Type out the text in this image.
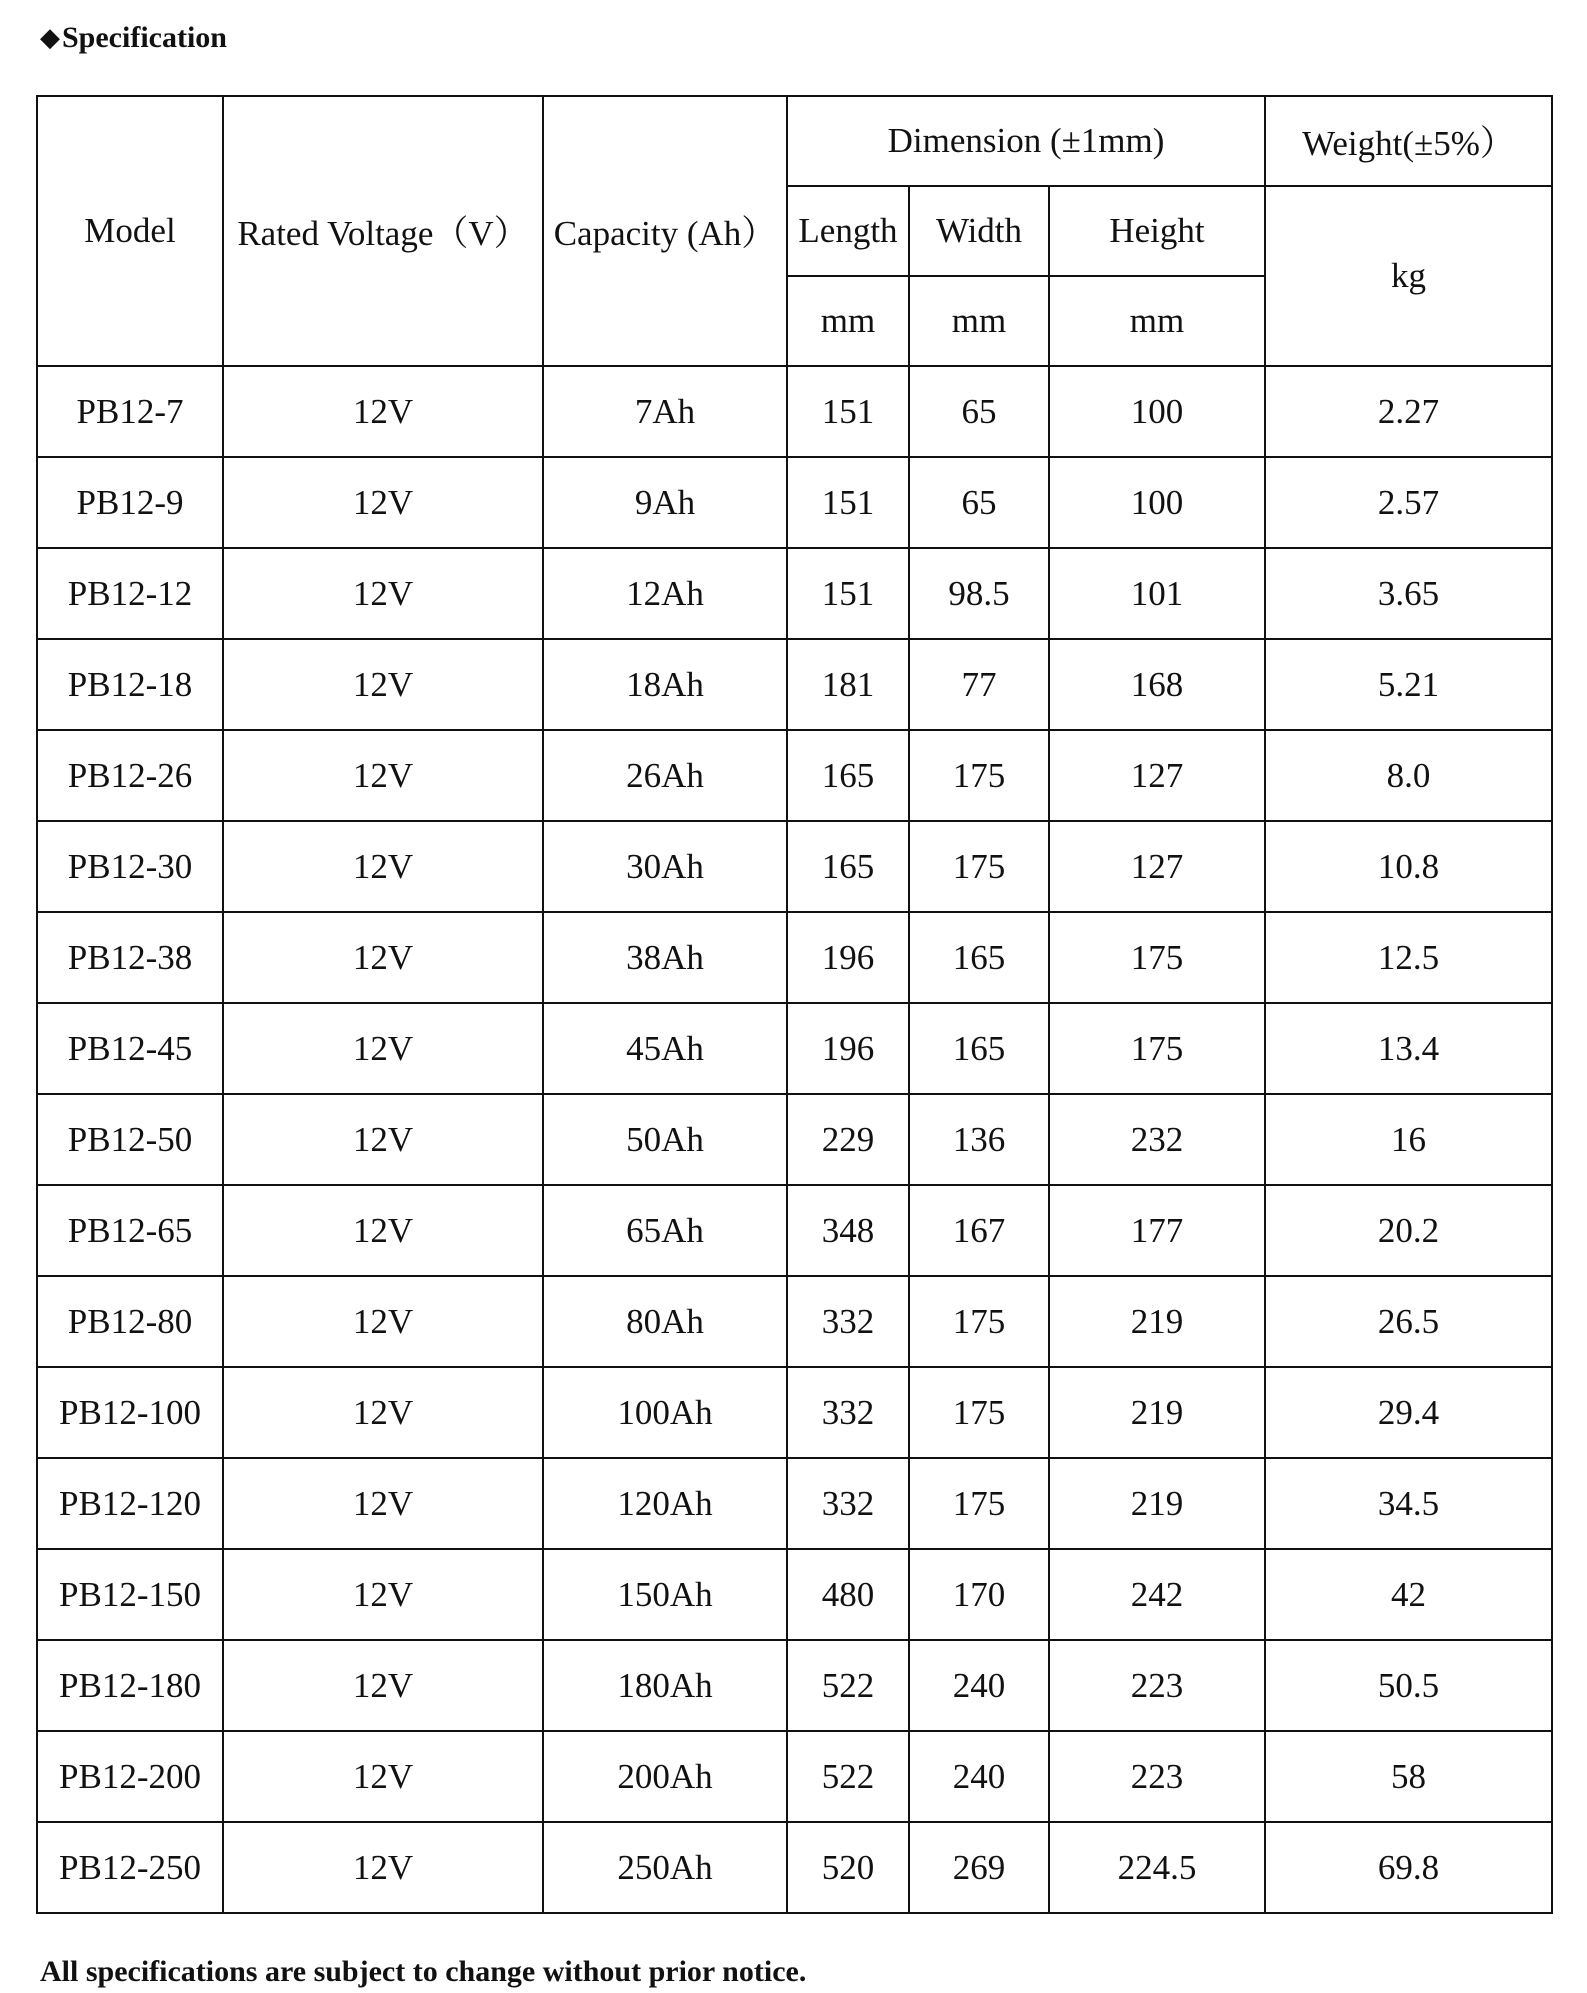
◆ Specification
Model	Rated Voltage（V）	Capacity (Ah）	Dimension (±1mm)			Weight(±5%）
			Length	Width	Height	kg
			mm	mm	mm	
PB12-7	12V	7Ah	151	65	100	2.27
PB12-9	12V	9Ah	151	65	100	2.57
PB12-12	12V	12Ah	151	98.5	101	3.65
PB12-18	12V	18Ah	181	77	168	5.21
PB12-26	12V	26Ah	165	175	127	8.0
PB12-30	12V	30Ah	165	175	127	10.8
PB12-38	12V	38Ah	196	165	175	12.5
PB12-45	12V	45Ah	196	165	175	13.4
PB12-50	12V	50Ah	229	136	232	16
PB12-65	12V	65Ah	348	167	177	20.2
PB12-80	12V	80Ah	332	175	219	26.5
PB12-100	12V	100Ah	332	175	219	29.4
PB12-120	12V	120Ah	332	175	219	34.5
PB12-150	12V	150Ah	480	170	242	42
PB12-180	12V	180Ah	522	240	223	50.5
PB12-200	12V	200Ah	522	240	223	58
PB12-250	12V	250Ah	520	269	224.5	69.8
All specifications are subject to change without prior notice.
